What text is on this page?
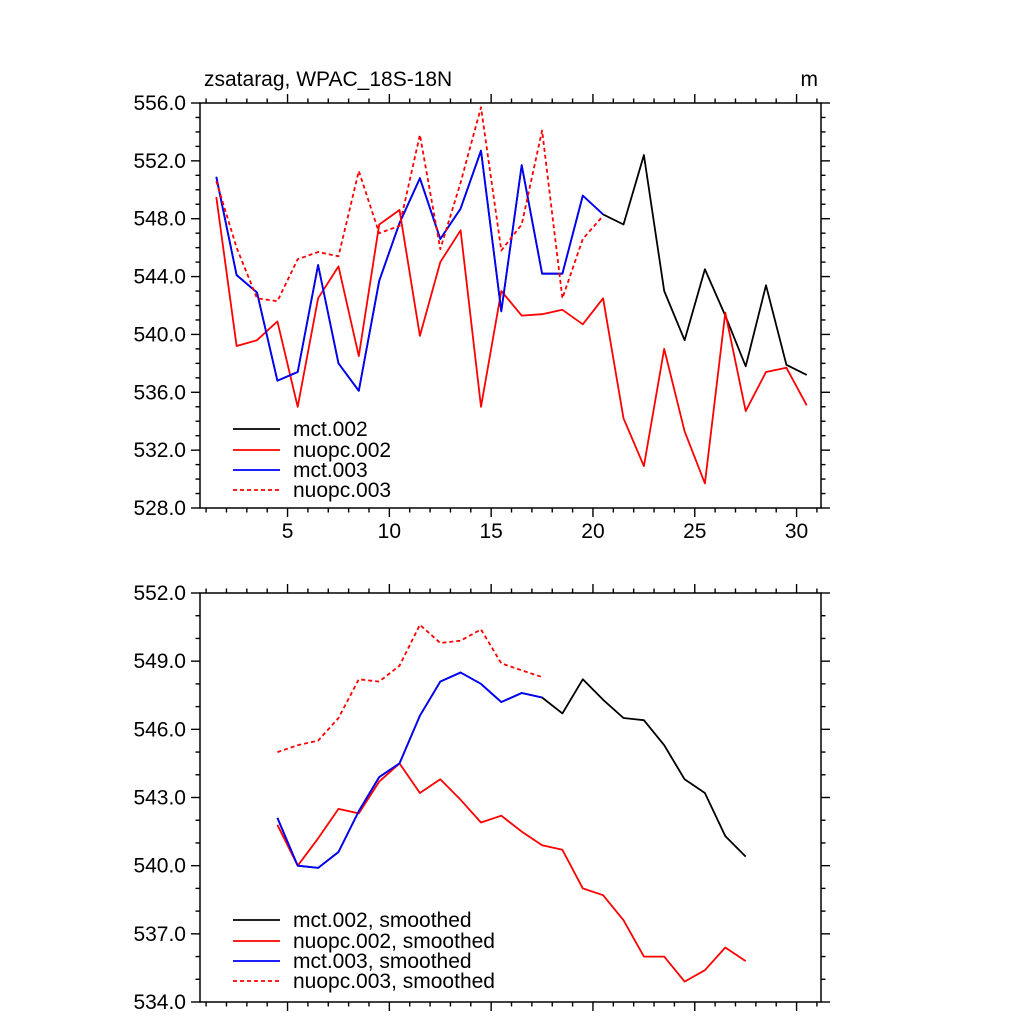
zsatarag, WPAC_18S-18N	m
5	10	15	20	25	30
528.0
532.0
536.0
540.0
544.0
548.0
552.0
556.0
mct.002
nuopc.002
mct.003
nuopc.003
534.0
537.0
540.0
543.0
546.0
549.0
552.0
mct.002, smoothed
nuopc.002, smoothed
mct.003, smoothed
nuopc.003, smoothed
